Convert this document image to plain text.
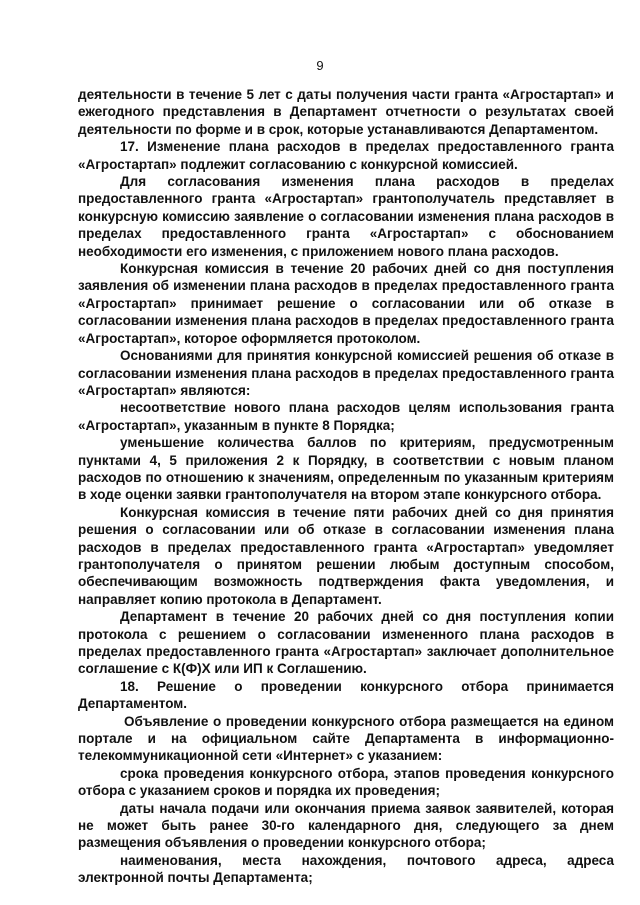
9

деятельности в течение 5 лет с даты получения части гранта «Агростартап» и ежегодного представления в Департамент отчетности о результатах своей деятельности по форме и в срок, которые устанавливаются Департаментом.

17. Изменение плана расходов в пределах предоставленного гранта «Агростартап» подлежит согласованию с конкурсной комиссией.

Для согласования изменения плана расходов в пределах предоставленного гранта «Агростартап» грантополучатель представляет в конкурсную комиссию заявление о согласовании изменения плана расходов в пределах предоставленного гранта «Агростартап» с обоснованием необходимости его изменения, с приложением нового плана расходов.

Конкурсная комиссия в течение 20 рабочих дней со дня поступления заявления об изменении плана расходов в пределах предоставленного гранта «Агростартап» принимает решение о согласовании или об отказе в согласовании изменения плана расходов в пределах предоставленного гранта «Агростартап», которое оформляется протоколом.

Основаниями для принятия конкурсной комиссией решения об отказе в согласовании изменения плана расходов в пределах предоставленного гранта «Агростартап» являются:

несоответствие нового плана расходов целям использования гранта «Агростартап», указанным в пункте 8 Порядка;

уменьшение количества баллов по критериям, предусмотренным пунктами 4, 5 приложения 2 к Порядку, в соответствии с новым планом расходов по отношению к значениям, определенным по указанным критериям в ходе оценки заявки грантополучателя на втором этапе конкурсного отбора.

Конкурсная комиссия в течение пяти рабочих дней со дня принятия решения о согласовании или об отказе в согласовании изменения плана расходов в пределах предоставленного гранта «Агростартап» уведомляет грантополучателя о принятом решении любым доступным способом, обеспечивающим возможность подтверждения факта уведомления, и направляет копию протокола в Департамент.

Департамент в течение 20 рабочих дней со дня поступления копии протокола с решением о согласовании измененного плана расходов в пределах предоставленного гранта «Агростартап» заключает дополнительное соглашение с К(Ф)Х или ИП к Соглашению.

18. Решение о проведении конкурсного отбора принимается Департаментом.

Объявление о проведении конкурсного отбора размещается на едином портале и на официальном сайте Департамента в информационно-телекоммуникационной сети «Интернет» с указанием:

срока проведения конкурсного отбора, этапов проведения конкурсного отбора с указанием сроков и порядка их проведения;

даты начала подачи или окончания приема заявок заявителей, которая не может быть ранее 30-го календарного дня, следующего за днем размещения объявления о проведении конкурсного отбора;

наименования, места нахождения, почтового адреса, адреса электронной почты Департамента;
